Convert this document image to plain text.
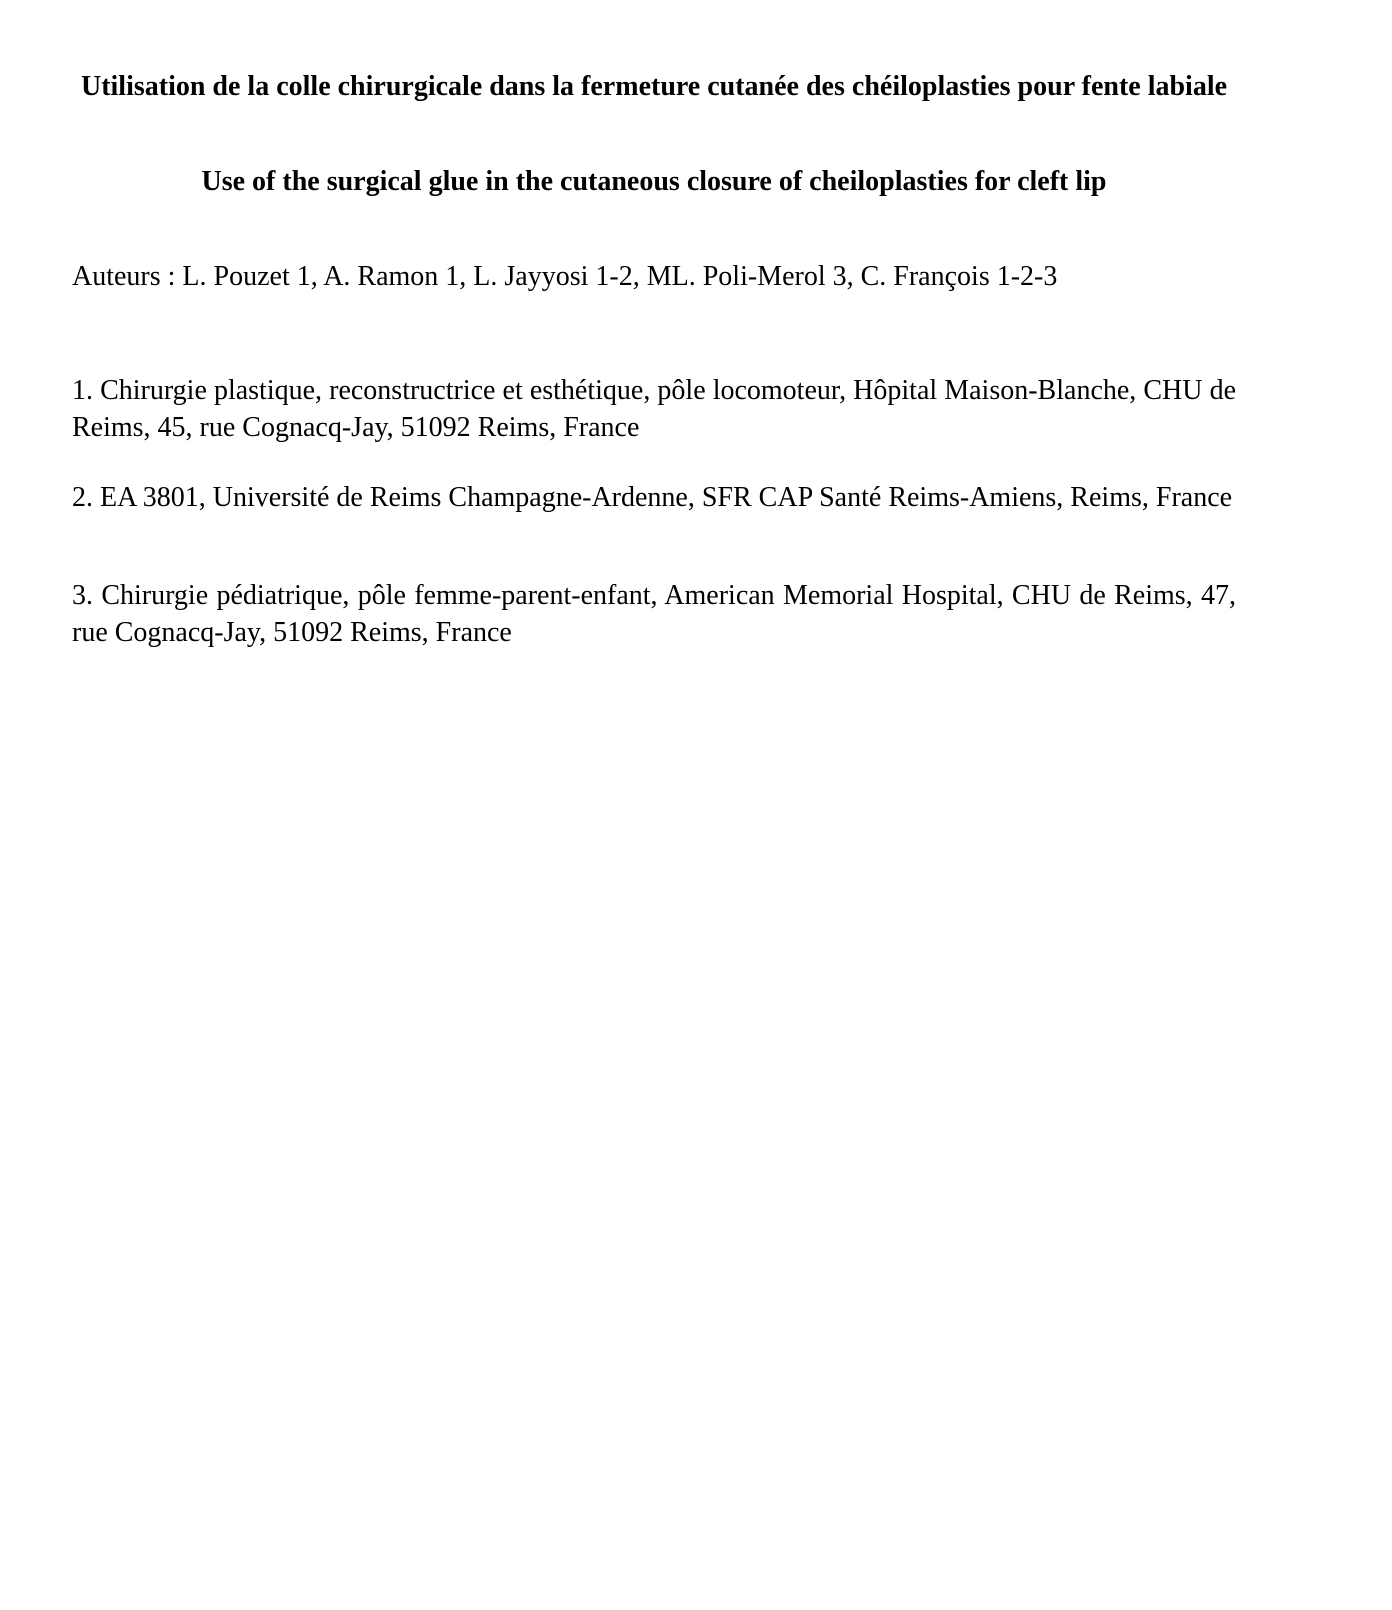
Utilisation de la colle chirurgicale dans la fermeture cutanée des chéiloplasties pour fente labiale

Use of the surgical glue in the cutaneous closure of cheiloplasties for cleft lip

Auteurs : L. Pouzet 1, A. Ramon 1, L. Jayyosi 1-2, ML. Poli-Merol 3, C. François 1-2-3

1. Chirurgie plastique, reconstructrice et esthétique, pôle locomoteur, Hôpital Maison-Blanche, CHU de Reims, 45, rue Cognacq-Jay, 51092 Reims, France

2. EA 3801, Université de Reims Champagne-Ardenne, SFR CAP Santé Reims-Amiens, Reims, France

3. Chirurgie pédiatrique, pôle femme-parent-enfant, American Memorial Hospital, CHU de Reims, 47, rue Cognacq-Jay, 51092 Reims, France
